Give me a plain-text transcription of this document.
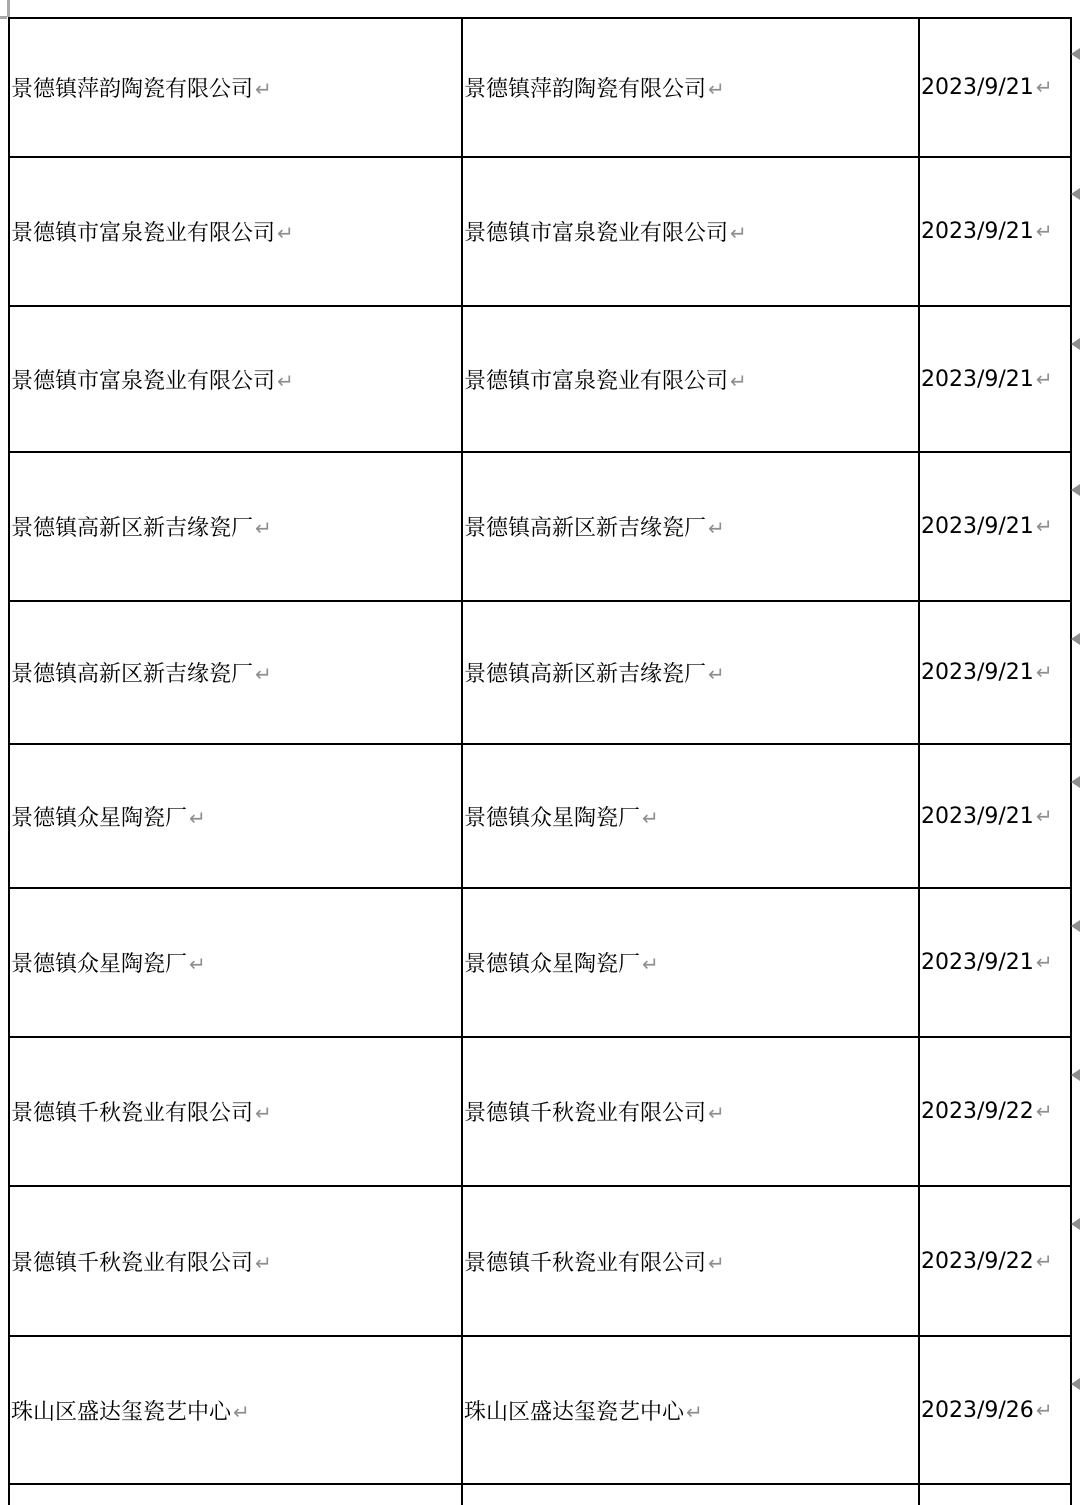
景德镇萍韵陶瓷有限公司 ↵	景德镇萍韵陶瓷有限公司 ↵	2023/9/21 ↵
景德镇市富泉瓷业有限公司 ↵	景德镇市富泉瓷业有限公司 ↵	2023/9/21 ↵
景德镇市富泉瓷业有限公司 ↵	景德镇市富泉瓷业有限公司 ↵	2023/9/21 ↵
景德镇高新区新吉缘瓷厂 ↵	景德镇高新区新吉缘瓷厂 ↵	2023/9/21 ↵
景德镇高新区新吉缘瓷厂 ↵	景德镇高新区新吉缘瓷厂 ↵	2023/9/21 ↵
景德镇众星陶瓷厂 ↵	景德镇众星陶瓷厂 ↵	2023/9/21 ↵
景德镇众星陶瓷厂 ↵	景德镇众星陶瓷厂 ↵	2023/9/21 ↵
景德镇千秋瓷业有限公司 ↵	景德镇千秋瓷业有限公司 ↵	2023/9/22 ↵
景德镇千秋瓷业有限公司 ↵	景德镇千秋瓷业有限公司 ↵	2023/9/22 ↵
珠山区盛达玺瓷艺中心 ↵	珠山区盛达玺瓷艺中心 ↵	2023/9/26 ↵
